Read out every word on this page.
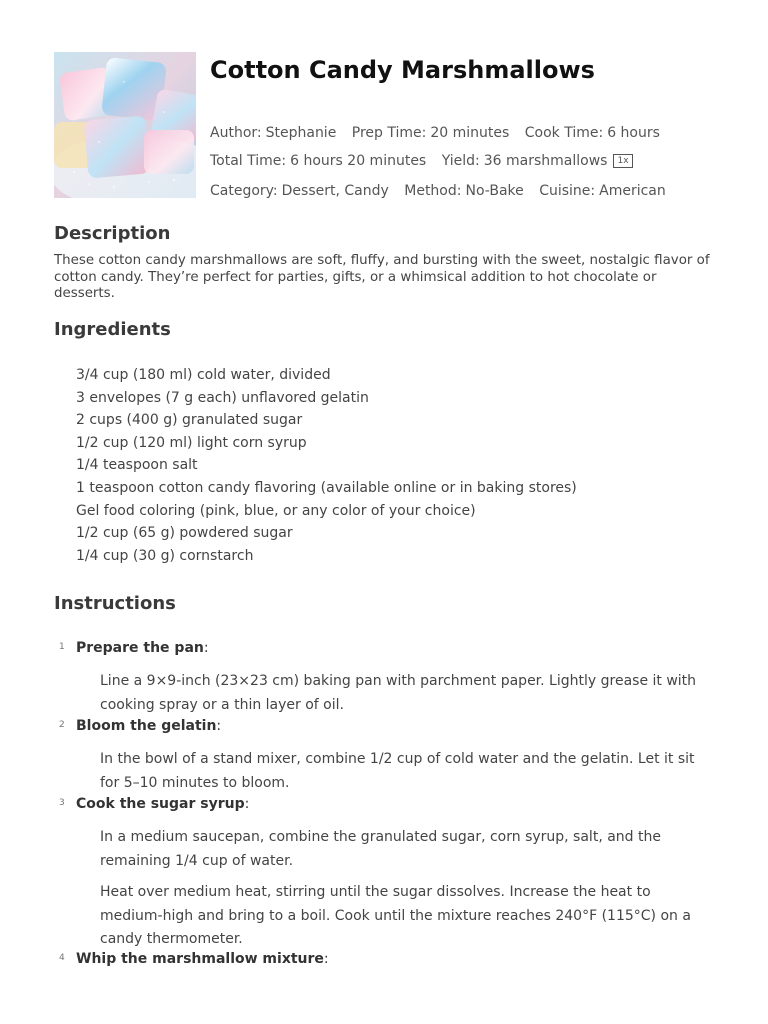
Cotton Candy Marshmallows
Author: Stephanie Prep Time: 20 minutes Cook Time: 6 hours
Total Time: 6 hours 20 minutes Yield: 36 marshmallows 1x
Category: Dessert, Candy Method: No-Bake Cuisine: American
Description

These cotton candy marshmallows are soft, fluffy, and bursting with the sweet, nostalgic flavor of cotton candy. They’re perfect for parties, gifts, or a whimsical addition to hot chocolate or desserts.

Ingredients
3/4 cup (180 ml) cold water, divided
3 envelopes (7 g each) unflavored gelatin
2 cups (400 g) granulated sugar
1/2 cup (120 ml) light corn syrup
1/4 teaspoon salt
1 teaspoon cotton candy flavoring (available online or in baking stores)
Gel food coloring (pink, blue, or any color of your choice)
1/2 cup (65 g) powdered sugar
1/4 cup (30 g) cornstarch
Instructions
1 Prepare the pan:

Line a 9×9-inch (23×23 cm) baking pan with parchment paper. Lightly grease it with cooking spray or a thin layer of oil.

2 Bloom the gelatin:

In the bowl of a stand mixer, combine 1/2 cup of cold water and the gelatin. Let it sit for 5–10 minutes to bloom.

3 Cook the sugar syrup:

In a medium saucepan, combine the granulated sugar, corn syrup, salt, and the remaining 1/4 cup of water.

Heat over medium heat, stirring until the sugar dissolves. Increase the heat to medium-high and bring to a boil. Cook until the mixture reaches 240°F (115°C) on a candy thermometer.

4 Whip the marshmallow mixture:
